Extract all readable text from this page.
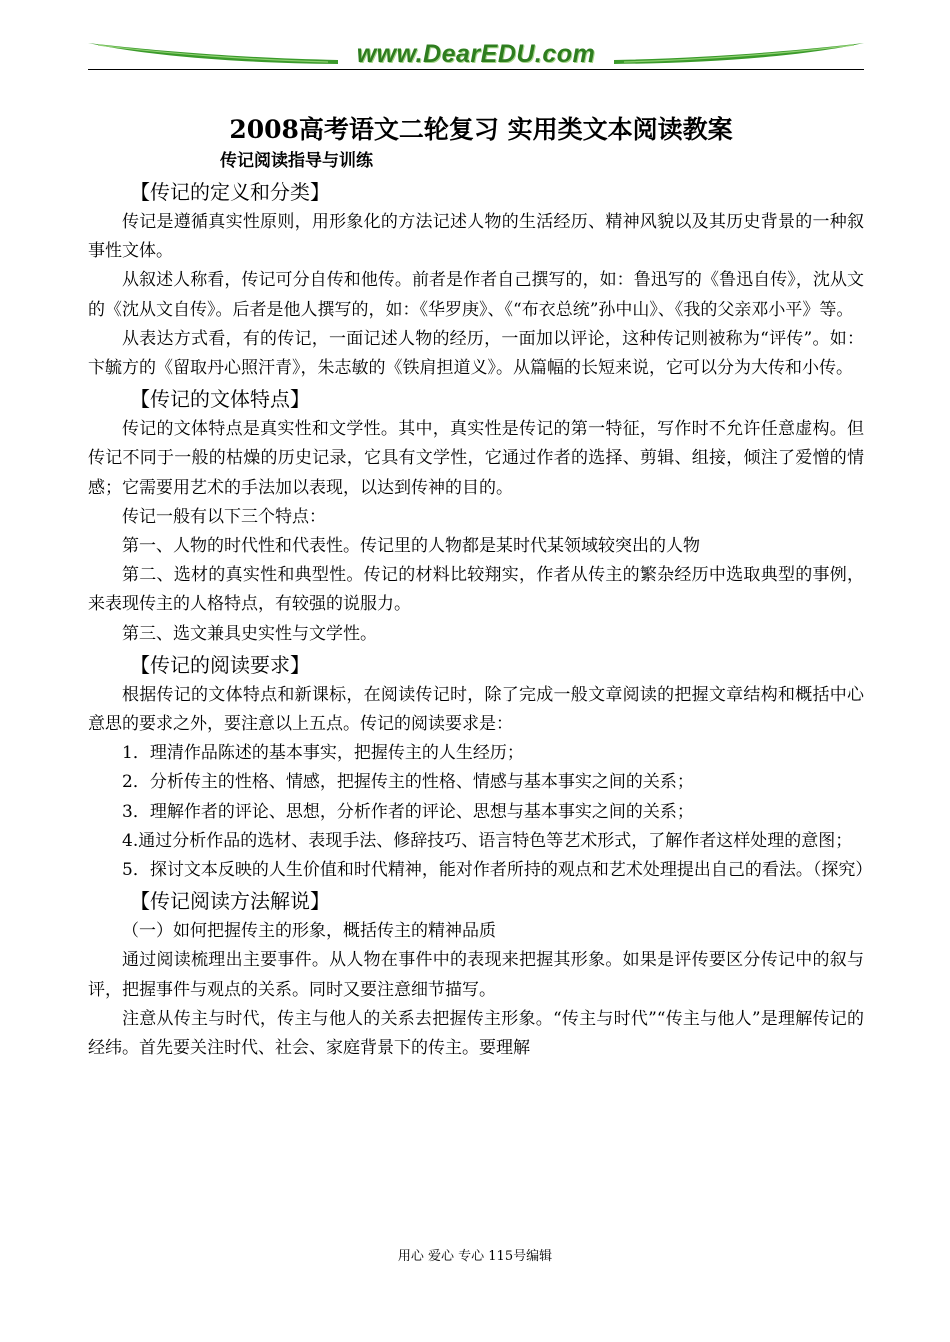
www.DearEDU.com
2008高考语文二轮复习 实用类文本阅读教案
传记阅读指导与训练
【传记的定义和分类】

传记是遵循真实性原则，用形象化的方法记述人物的生活经历、精神风貌以及其历史背景的一种叙事性文体。

从叙述人称看，传记可分自传和他传。前者是作者自己撰写的，如：鲁迅写的《鲁迅自传》，沈从文的《沈从文自传》。后者是他人撰写的，如：《华罗庚》、《“布衣总统”孙中山》、《我的父亲邓小平》等。

从表达方式看，有的传记，一面记述人物的经历，一面加以评论，这种传记则被称为“评传”。如：卞毓方的《留取丹心照汗青》，朱志敏的《铁肩担道义》。从篇幅的长短来说，它可以分为大传和小传。

【传记的文体特点】

传记的文体特点是真实性和文学性。其中，真实性是传记的第一特征，写作时不允许任意虚构。但传记不同于一般的枯燥的历史记录，它具有文学性，它通过作者的选择、剪辑、组接，倾注了爱憎的情感；它需要用艺术的手法加以表现，以达到传神的目的。

传记一般有以下三个特点：

第一、人物的时代性和代表性。传记里的人物都是某时代某领域较突出的人物

第二、选材的真实性和典型性。传记的材料比较翔实，作者从传主的繁杂经历中选取典型的事例，来表现传主的人格特点，有较强的说服力。

第三、选文兼具史实性与文学性。

【传记的阅读要求】

根据传记的文体特点和新课标，在阅读传记时，除了完成一般文章阅读的把握文章结构和概括中心意思的要求之外，要注意以上五点。传记的阅读要求是：

1．理清作品陈述的基本事实，把握传主的人生经历；

2．分析传主的性格、情感，把握传主的性格、情感与基本事实之间的关系；

3．理解作者的评论、思想，分析作者的评论、思想与基本事实之间的关系；

4.通过分析作品的选材、表现手法、修辞技巧、语言特色等艺术形式，了解作者这样处理的意图；

5．探讨文本反映的人生价值和时代精神，能对作者所持的观点和艺术处理提出自己的看法。（探究）

【传记阅读方法解说】

（一）如何把握传主的形象，概括传主的精神品质

通过阅读梳理出主要事件。从人物在事件中的表现来把握其形象。如果是评传要区分传记中的叙与评，把握事件与观点的关系。同时又要注意细节描写。

注意从传主与时代，传主与他人的关系去把握传主形象。“传主与时代”“传主与他人”是理解传记的经纬。首先要关注时代、社会、家庭背景下的传主。要理解

用心 爱心 专心 115号编辑
